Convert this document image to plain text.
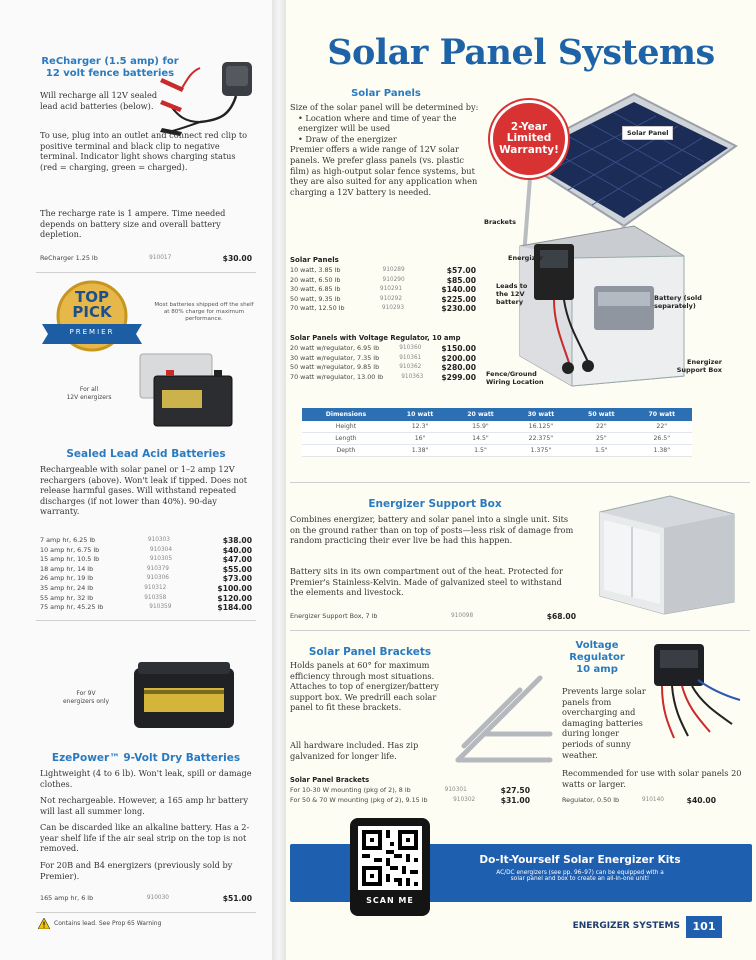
ReCharger (1.5 amp) for
12 volt fence batteries
Will recharge all 12V sealed lead acid batteries (below).
To use, plug into an outlet and connect red clip to positive terminal and black clip to negative terminal. Indicator light shows charging status (red = charging, green = charged).
The recharge rate is 1 ampere. Time needed depends on battery size and overall battery depletion.
ReCharger 1.25 lb	910017	$30.00
TOP
PICK
PREMIER
Most batteries shipped off the shelf at 80% charge for maximum performance.
For all
12V energizers
Sealed Lead Acid Batteries
Rechargeable with solar panel or 1–2 amp 12V rechargers (above). Won't leak if tipped. Does not release harmful gases. Will withstand repeated discharges (if not lower than 40%). 90-day warranty.
7 amp hr, 6.25 lb	910303	$38.00
10 amp hr, 6.75 lb	910304	$40.00
15 amp hr, 10.5 lb	910305	$47.00
18 amp hr, 14 lb	910379	$55.00
26 amp hr, 19 lb	910306	$73.00
35 amp hr, 24 lb	910312	$100.00
55 amp hr, 32 lb	910358	$120.00
75 amp hr, 45.25 lb	910359	$184.00
For 9V
energizers only
EzePower™ 9-Volt Dry Batteries
Lightweight (4 to 6 lb). Won't leak, spill or damage clothes.
Not rechargeable. However, a 165 amp hr battery will last all summer long.
Can be discarded like an alkaline battery. Has a 2-year shelf life if the air seal strip on the top is not removed.
For 20B and B4 energizers (previously sold by Premier).
165 amp hr, 6 lb	910030	$51.00
Contains lead. See Prop 65 Warning
Solar Panel Systems
Solar Panels
Size of the solar panel will be determined by:
• Location where and time of year the energizer will be used
• Draw of the energizer
Premier offers a wide range of 12V solar panels. We prefer glass panels (vs. plastic film) as high-output solar fence systems, but they are also suited for any application when charging a 12V battery is needed.
Solar Panels
10 watt, 3.85 lb	910289	$57.00
20 watt, 6.50 lb	910290	$85.00
30 watt, 6.85 lb	910291	$140.00
50 watt, 9.35 lb	910292	$225.00
70 watt, 12.50 lb	910293	$230.00
Solar Panels with Voltage Regulator, 10 amp
20 watt w/regulator, 6.95 lb	910360	$150.00
30 watt w/regulator, 7.35 lb	910361	$200.00
50 watt w/regulator, 9.85 lb	910362	$280.00
70 watt w/regulator, 13.00 lb	910363 $299.00
Solar Panel
Brackets
Energizer
Leads to the 12V battery	Battery (sold separately)
Fence/Ground Wiring Location
Energizer Support Box
2-Year
Limited
Warranty!
Dimensions	10 watt	20 watt	30 watt	50 watt	70 watt
Height	12.3"	15.9"	16.125"	22"	22"
Length	16"	14.5"	22.375"	25"	26.5"
Depth	1.38"	1.5"	1.375"	1.5"	1.38"
Energizer Support Box
Combines energizer, battery and solar panel into a single unit. Sits on the ground rather than on top of posts—less risk of damage from random practicing their ever live be had this happen.
Battery sits in its own compartment out of the heat. Protected for Premier's Stainless-Kelvin. Made of galvanized steel to withstand the elements and livestock.
Energizer Support Box, 7 lb	910098	$68.00
Solar Panel Brackets
Holds panels at 60° for maximum efficiency through most situations. Attaches to top of energizer/battery support box. We predrill each solar panel to fit these brackets.
All hardware included. Has zip galvanized for longer life.
Solar Panel Brackets
For 10-30 W mounting (pkg of 2), 8 lb	910301	$27.50
For 50 & 70 W mounting (pkg of 2), 9.15 lb	910302	$31.00
Voltage
Regulator
10 amp
Prevents large solar panels from overcharging and damaging batteries during longer periods of sunny weather.
Recommended for use with solar panels 20 watts or larger.
Regulator, 0.50 lb	910140	$40.00
Do-It-Yourself Solar Energizer Kits
AC/DC energizers (see pp. 96–97) can be equipped with a
solar panel and box to create an all-in-one unit!
SCAN ME
ENERGIZER SYSTEMS	101
